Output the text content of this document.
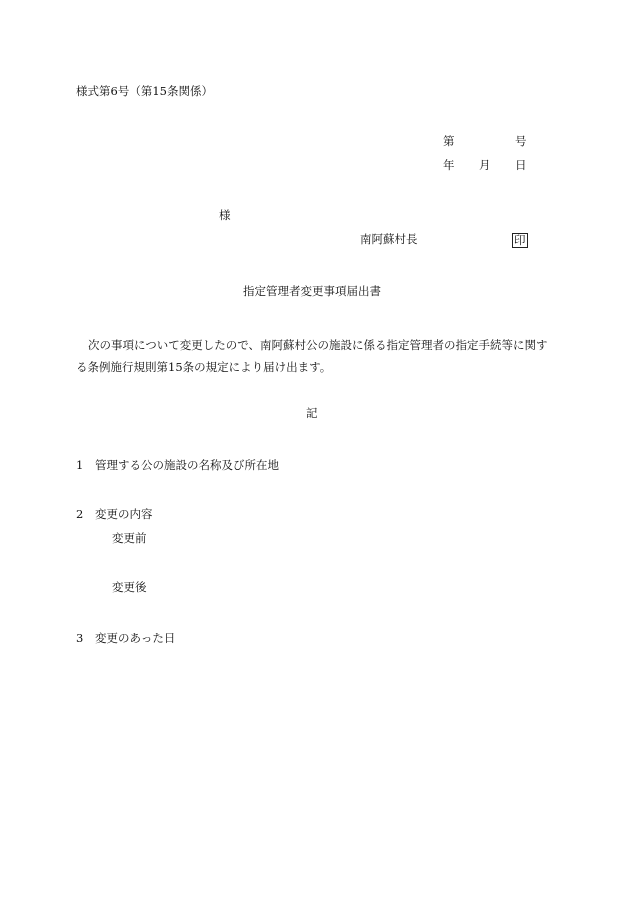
様式第6号（第15条関係）
第	号
年 月 日
様
南阿蘇村長	印
指定管理者変更事項届出書
次の事項について変更したので、南阿蘇村公の施設に係る指定管理者の指定手続等に関する条例施行規則第15条の規定により届け出ます。
記
1 管理する公の施設の名称及び所在地
2 変更の内容
変更前
変更後
3 変更のあった日
